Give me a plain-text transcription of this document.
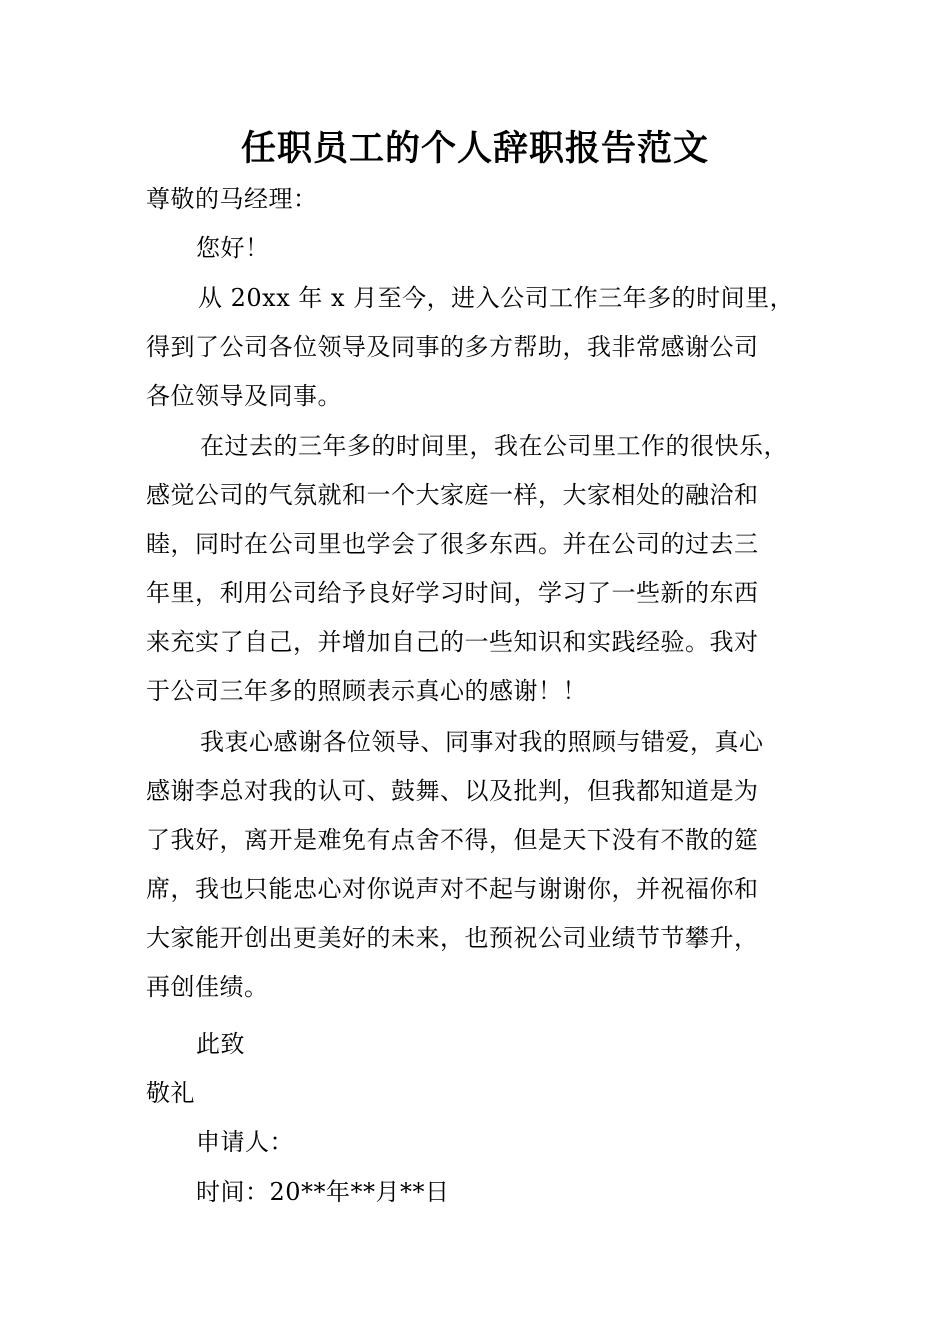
任职员工的个人辞职报告范文
尊敬的马经理：
您好！
从 20xx 年 x 月至今，进入公司工作三年多的时间里，
得到了公司各位领导及同事的多方帮助，我非常感谢公司
各位领导及同事。
在过去的三年多的时间里，我在公司里工作的很快乐，
感觉公司的气氛就和一个大家庭一样，大家相处的融洽和
睦，同时在公司里也学会了很多东西。并在公司的过去三
年里，利用公司给予良好学习时间，学习了一些新的东西
来充实了自己，并增加自己的一些知识和实践经验。我对
于公司三年多的照顾表示真心的感谢！！
我衷心感谢各位领导、同事对我的照顾与错爱，真心
感谢李总对我的认可、鼓舞、以及批判，但我都知道是为
了我好，离开是难免有点舍不得，但是天下没有不散的筵
席，我也只能忠心对你说声对不起与谢谢你，并祝福你和
大家能开创出更美好的未来，也预祝公司业绩节节攀升，
再创佳绩。
此致
敬礼
申请人：
时间：20**年**月**日
